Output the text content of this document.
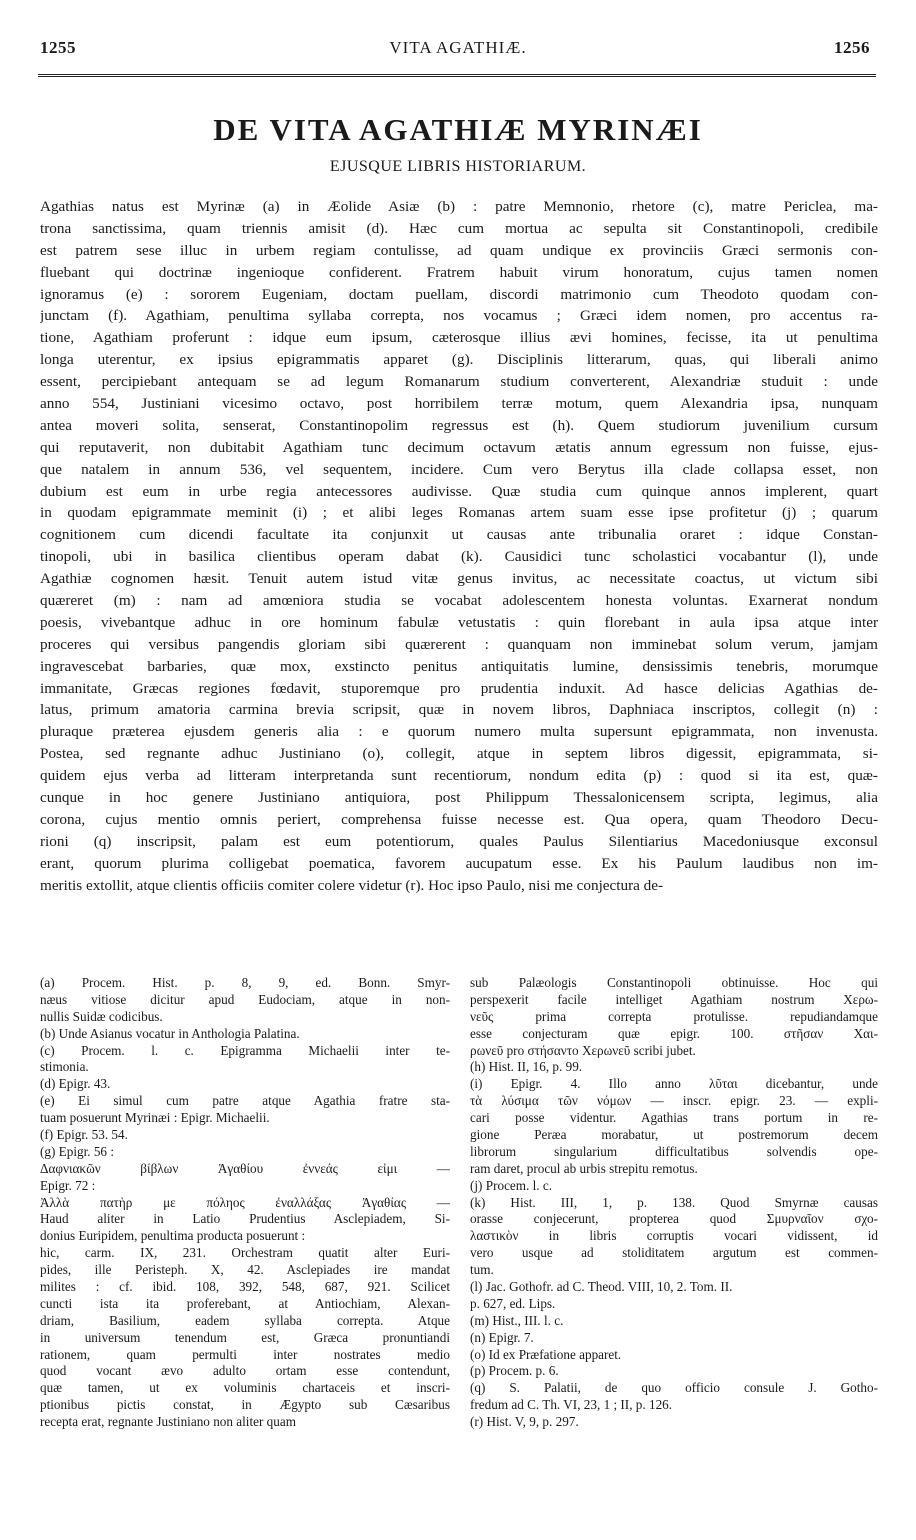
VITA AGATHIÆ.
1255	1256
DE VITA AGATHIÆ MYRINÆI
EJUSQUE LIBRIS HISTORIARUM.
Agathias natus est Myrinæ (a) in Æolide Asiæ (b) : patre Memnonio, rhetore (c), matre Periclea, ma-
trona sanctissima, quam triennis amisit (d). Hæc cum mortua ac sepulta sit Constantinopoli, credibile
est patrem sese illuc in urbem regiam contulisse, ad quam undique ex provinciis Græci sermonis con-
fluebant qui doctrinæ ingenioque confiderent. Fratrem habuit virum honoratum, cujus tamen nomen
ignoramus (e) : sororem Eugeniam, doctam puellam, discordi matrimonio cum Theodoto quodam con-
junctam (f). Agathiam, penultima syllaba correpta, nos vocamus ; Græci idem nomen, pro accentus ra-
tione, Agathiam proferunt : idque eum ipsum, cæterosque illius ævi homines, fecisse, ita ut penultima
longa uterentur, ex ipsius epigrammatis apparet (g). Disciplinis litterarum, quas, qui liberali animo
essent, percipiebant antequam se ad legum Romanarum studium converterent, Alexandriæ studuit : unde
anno 554, Justiniani vicesimo octavo, post horribilem terræ motum, quem Alexandria ipsa, nunquam
antea moveri solita, senserat, Constantinopolim regressus est (h). Quem studiorum juvenilium cursum
qui reputaverit, non dubitabit Agathiam tunc decimum octavum ætatis annum egressum non fuisse, ejus-
que natalem in annum 536, vel sequentem, incidere. Cum vero Berytus illa clade collapsa esset, non
dubium est eum in urbe regia antecessores audivisse. Quæ studia cum quinque annos implerent, quart
in quodam epigrammate meminit (i) ; et alibi leges Romanas artem suam esse ipse profitetur (j) ; quarum
cognitionem cum dicendi facultate ita conjunxit ut causas ante tribunalia oraret : idque Constan-
tinopoli, ubi in basilica clientibus operam dabat (k). Causidici tunc scholastici vocabantur (l), unde
Agathiæ cognomen hæsit. Tenuit autem istud vitæ genus invitus, ac necessitate coactus, ut victum sibi
quæreret (m) : nam ad amœniora studia se vocabat adolescentem honesta voluntas. Exarnerat nondum
poesis, vivebantque adhuc in ore hominum fabulæ vetustatis : quin florebant in aula ipsa atque inter
proceres qui versibus pangendis gloriam sibi quærerent : quanquam non imminebat solum verum, jamjam
ingravescebat barbaries, quæ mox, exstincto penitus antiquitatis lumine, densissimis tenebris, morumque
immanitate, Græcas regiones fœdavit, stuporemque pro prudentia induxit. Ad hasce delicias Agathias de-
latus, primum amatoria carmina brevia scripsit, quæ in novem libros, Daphniaca inscriptos, collegit (n) :
pluraque præterea ejusdem generis alia : e quorum numero multa supersunt epigrammata, non invenusta.
Postea, sed regnante adhuc Justiniano (o), collegit, atque in septem libros digessit, epigrammata, si-
quidem ejus verba ad litteram interpretanda sunt recentiorum, nondum edita (p) : quod si ita est, quæ-
cunque in hoc genere Justiniano antiquiora, post Philippum Thessalonicensem scripta, legimus, alia
corona, cujus mentio omnis periert, comprehensa fuisse necesse est. Qua opera, quam Theodoro Decu-
rioni (q) inscripsit, palam est eum potentiorum, quales Paulus Silentiarius Macedoniusque exconsul
erant, quorum plurima colligebat poematica, favorem aucupatum esse. Ex his Paulum laudibus non im-
meritis extollit, atque clientis officiis comiter colere videtur (r). Hoc ipso Paulo, nisi me conjectura de-
(a) Procem. Hist. p. 8, 9, ed. Bonn. Smyr-
næus vitiose dicitur apud Eudociam, atque in non-
nullis Suidæ codicibus.
(b) Unde Asianus vocatur in Anthologia Palatina.
(c) Procem. l. c. Epigramma Michaelii inter te-
stimonia.
(d) Epigr. 43.
(e) Ei simul cum patre atque Agathia fratre sta-
tuam posuerunt Myrinæi : Epigr. Michaelii.
(f) Epigr. 53. 54.
(g) Epigr. 56 :
Δαφνιακῶν βίβλων Ἀγαθίου ἐννεάς εἰμι —
Epigr. 72 :
Ἀλλὰ πατὴρ με πόληος ἐναλλάξας Ἀγαθίας —
Haud aliter in Latio Prudentius Asclepiadem, Si-
donius Euripidem, penultima producta posuerunt :
hic, carm. IX, 231. Orchestram quatit alter Euri-
pides, ille Peristeph. X, 42. Asclepiades ire mandat
milites : cf. ibid. 108, 392, 548, 687, 921. Scilicet
cuncti ista ita proferebant, at Antiochiam, Alexan-
driam, Basilium, eadem syllaba correpta. Atque
in universum tenendum est, Græca pronuntiandi
rationem, quam permulti inter nostrates medio
quod vocant ævo adulto ortam esse contendunt,
quæ tamen, ut ex voluminis chartaceis et inscri-
ptionibus pictis constat, in Ægypto sub Cæsaribus
recepta erat, regnante Justiniano non aliter quam
sub Palæologis Constantinopoli obtinuisse. Hoc qui
perspexerit facile intelliget Agathiam nostrum Χερω-
νεῦς prima correpta protulisse. repudiandamque
esse conjecturam quæ epigr. 100. στῆσαν Χαι-
ρωνεῦ pro στήσαντο Χερωνεῦ scribi jubet.
(h) Hist. II, 16, p. 99.
(i) Epigr. 4. Illo anno λῦται dicebantur, unde
τὰ λύσιμα τῶν νόμων — inscr. epigr. 23. — expli-
cari posse videntur. Agathias trans portum in re-
gione Peræa morabatur, ut postremorum decem
librorum singularium difficultatibus solvendis ope-
ram daret, procul ab urbis strepitu remotus.
(j) Procem. l. c.
(k) Hist. III, 1, p. 138. Quod Smyrnæ causas
orasse conjecerunt, propterea quod Σμυρναῖον σχο-
λαστικὸν in libris corruptis vocari vidissent, id
vero usque ad stoliditatem argutum est commen-
tum.
(l) Jac. Gothofr. ad C. Theod. VIII, 10, 2. Tom. II.
p. 627, ed. Lips.
(m) Hist., III. l. c.
(n) Epigr. 7.
(o) Id ex Præfatione apparet.
(p) Procem. p. 6.
(q) S. Palatii, de quo officio consule J. Gotho-
fredum ad C. Th. VI, 23, 1 ; II, p. 126.
(r) Hist. V, 9, p. 297.
